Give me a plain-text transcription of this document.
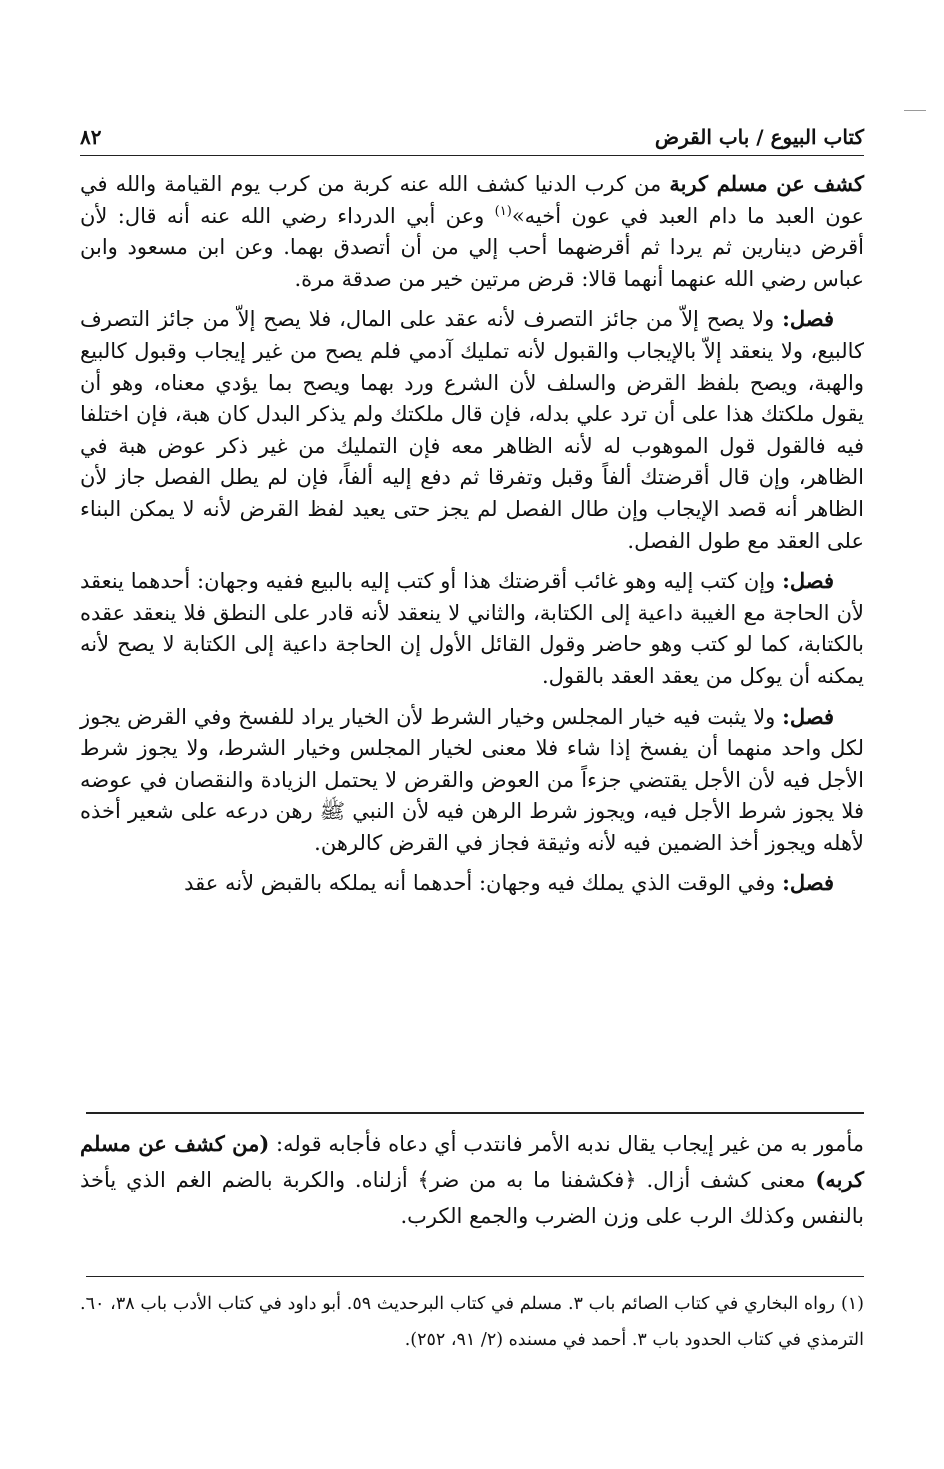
كتاب البيوع / باب القرض
٨٢

كشف عن مسلم كربة من كرب الدنيا كشف الله عنه كربة من كرب يوم القيامة والله في عون العبد ما دام العبد في عون أخيه»$^{(١)}$ وعن أبي الدرداء رضي الله عنه أنه قال: لأن أقرض دينارين ثم يردا ثم أقرضهما أحب إلي من أن أتصدق بهما. وعن ابن مسعود وابن عباس رضي الله عنهما أنهما قالا: قرض مرتين خير من صدقة مرة.

فصل: ولا يصح إلاّ من جائز التصرف لأنه عقد على المال، فلا يصح إلاّ من جائز التصرف كالبيع، ولا ينعقد إلاّ بالإيجاب والقبول لأنه تمليك آدمي فلم يصح من غير إيجاب وقبول كالبيع والهبة، ويصح بلفظ القرض والسلف لأن الشرع ورد بهما ويصح بما يؤدي معناه، وهو أن يقول ملكتك هذا على أن ترد علي بدله، فإن قال ملكتك ولم يذكر البدل كان هبة، فإن اختلفا فيه فالقول قول الموهوب له لأنه الظاهر معه فإن التمليك من غير ذكر عوض هبة في الظاهر، وإن قال أقرضتك ألفاً وقبل وتفرقا ثم دفع إليه ألفاً، فإن لم يطل الفصل جاز لأن الظاهر أنه قصد الإيجاب وإن طال الفصل لم يجز حتى يعيد لفظ القرض لأنه لا يمكن البناء على العقد مع طول الفصل.

فصل: وإن كتب إليه وهو غائب أقرضتك هذا أو كتب إليه بالبيع ففيه وجهان: أحدهما ينعقد لأن الحاجة مع الغيبة داعية إلى الكتابة، والثاني لا ينعقد لأنه قادر على النطق فلا ينعقد عقده بالكتابة، كما لو كتب وهو حاضر وقول القائل الأول إن الحاجة داعية إلى الكتابة لا يصح لأنه يمكنه أن يوكل من يعقد العقد بالقول.

فصل: ولا يثبت فيه خيار المجلس وخيار الشرط لأن الخيار يراد للفسخ وفي القرض يجوز لكل واحد منهما أن يفسخ إذا شاء فلا معنى لخيار المجلس وخيار الشرط، ولا يجوز شرط الأجل فيه لأن الأجل يقتضي جزءاً من العوض والقرض لا يحتمل الزيادة والنقصان في عوضه فلا يجوز شرط الأجل فيه، ويجوز شرط الرهن فيه لأن النبي ﷺ رهن درعه على شعير أخذه لأهله ويجوز أخذ الضمين فيه لأنه وثيقة فجاز في القرض كالرهن.

فصل: وفي الوقت الذي يملك فيه وجهان: أحدهما أنه يملكه بالقبض لأنه عقد

مأمور به من غير إيجاب يقال ندبه الأمر فانتدب أي دعاه فأجابه قوله: (من كشف عن مسلم كربه) معنى كشف أزال. ﴿فكشفنا ما به من ضر﴾ أزلناه. والكربة بالضم الغم الذي يأخذ بالنفس وكذلك الرب على وزن الضرب والجمع الكرب.

(١)رواه البخاري في كتاب الصائم باب ٣. مسلم في كتاب البرحديث ٥٩. أبو داود في كتاب الأدب باب ٣٨، ٦٠. الترمذي في كتاب الحدود باب ٣. أحمد في مسنده (٢/ ٩١، ٢٥٢).
